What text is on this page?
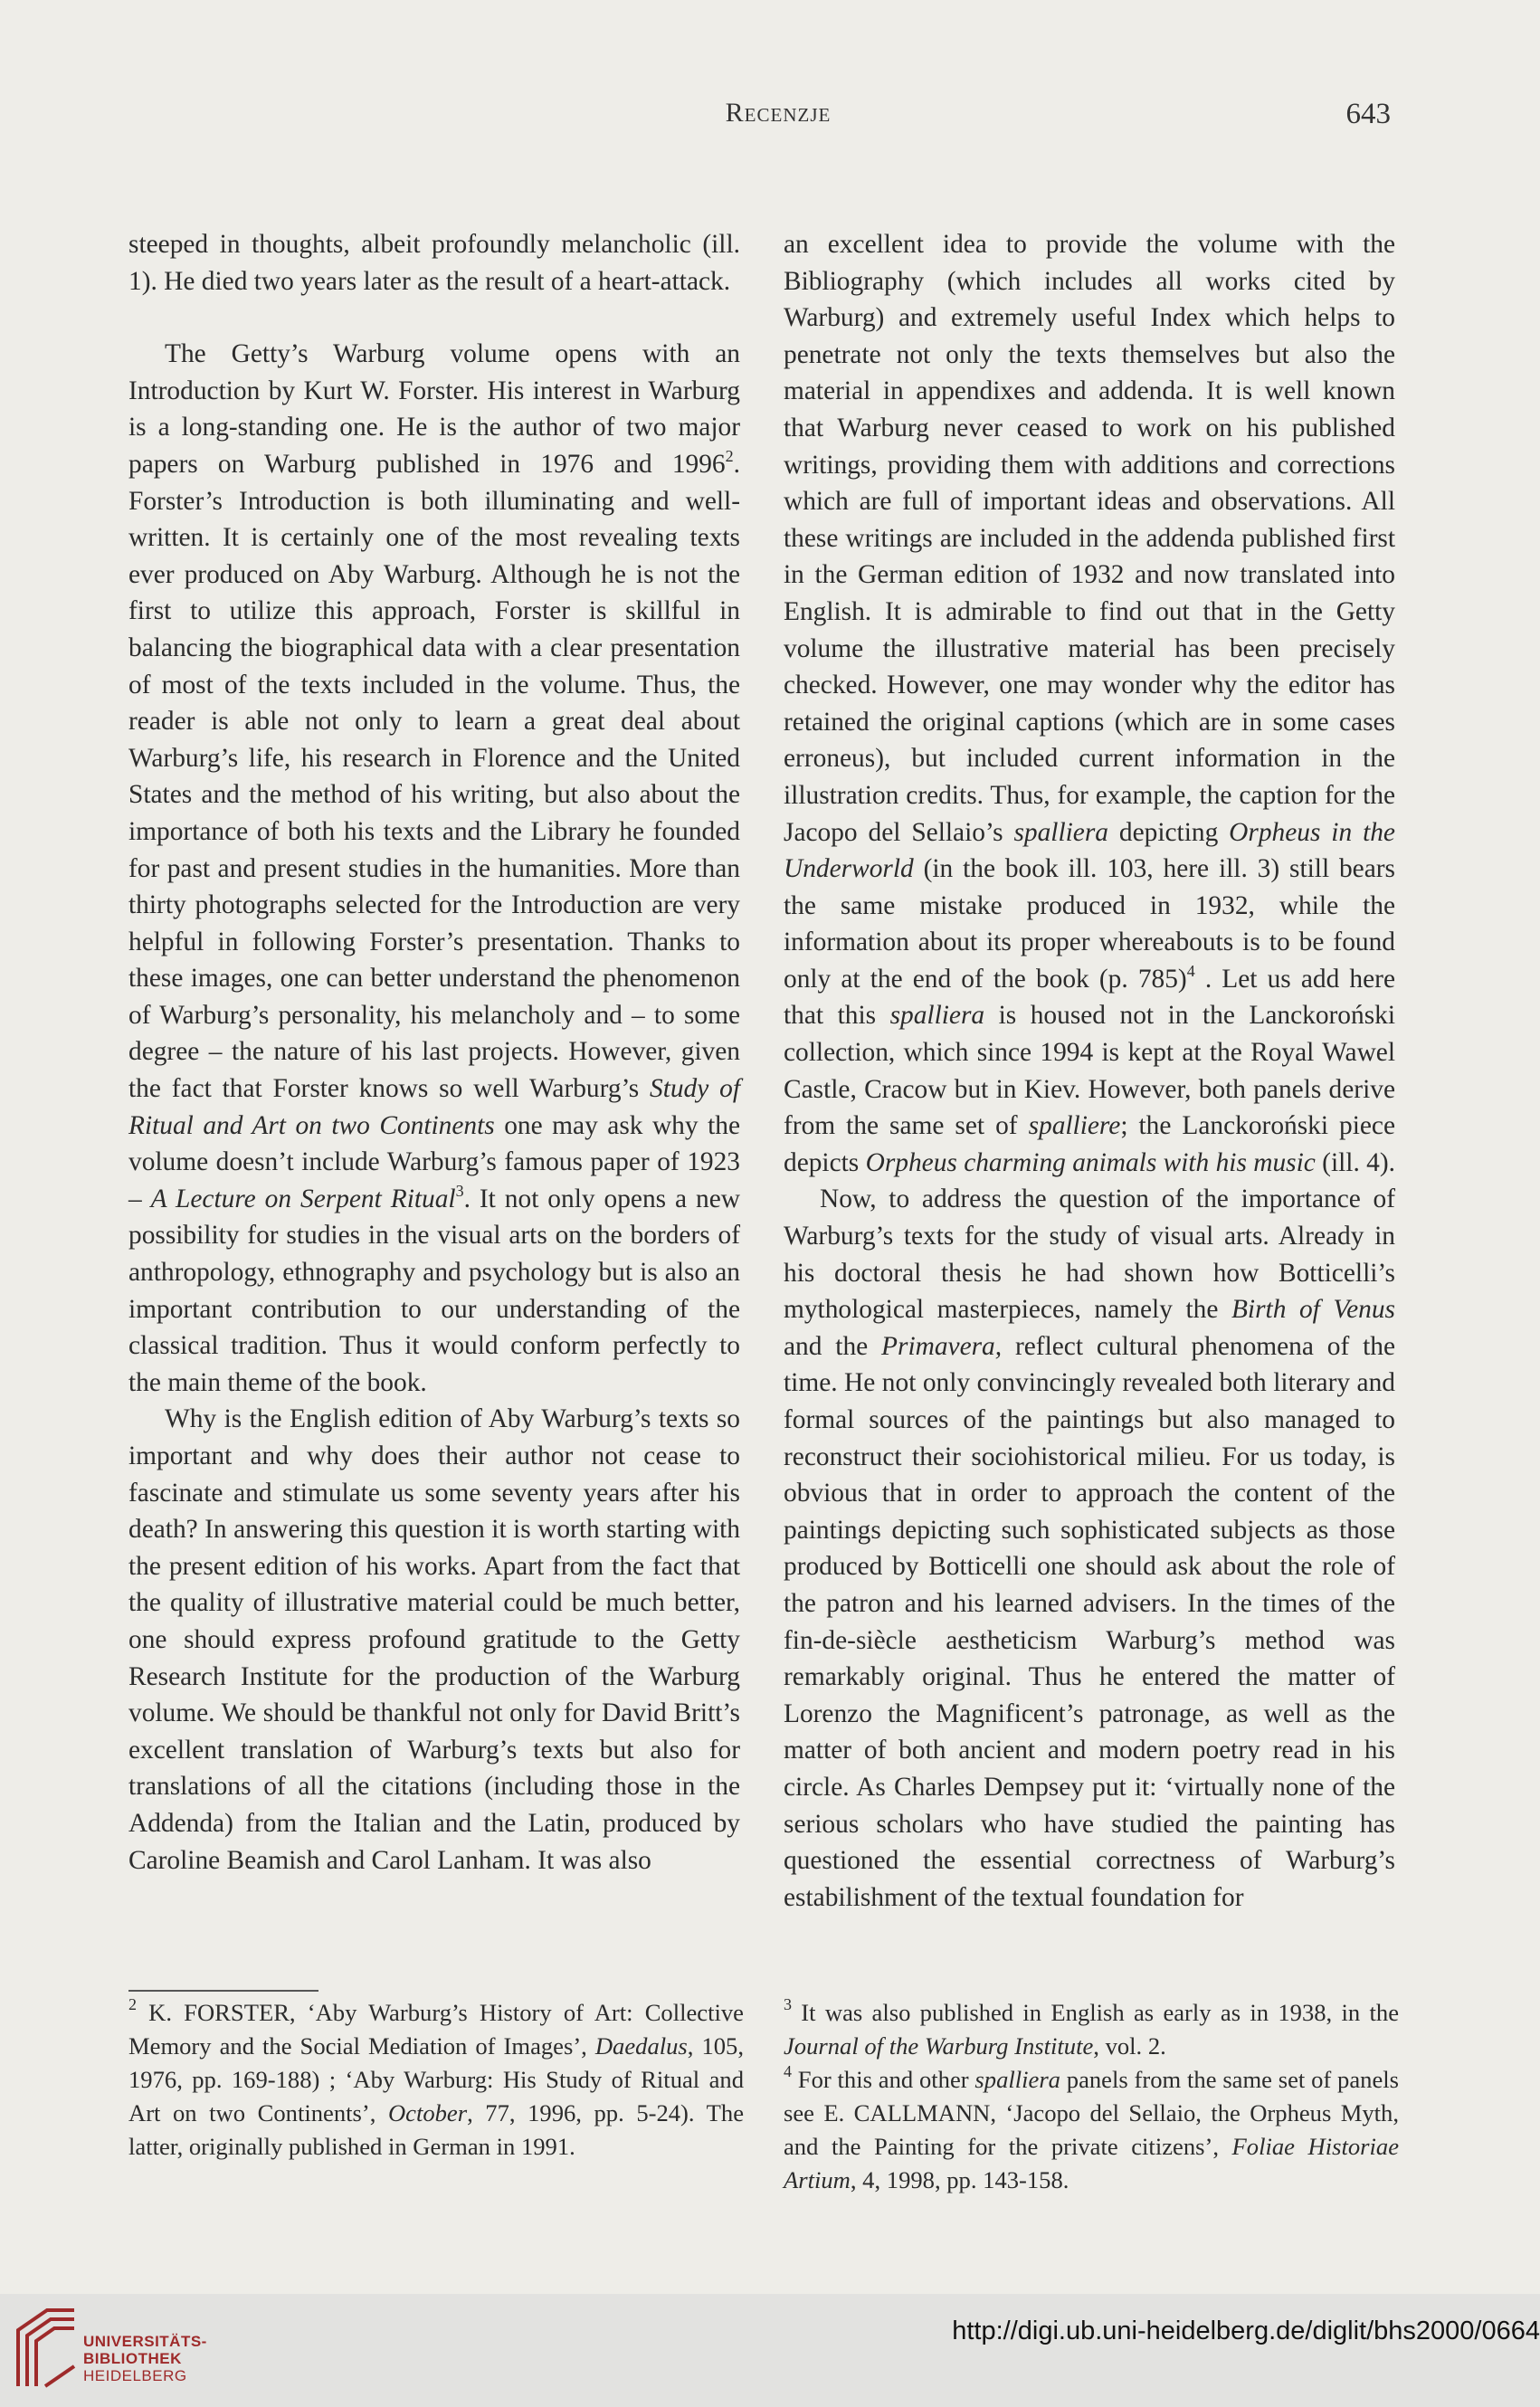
Recenzje	643

steeped in thoughts, albeit profoundly melancholic (ill. 1). He died two years later as the result of a heart-attack.

The Getty’s Warburg volume opens with an Introduction by Kurt W. Forster. His interest in Warburg is a long-standing one. He is the author of two major papers on Warburg published in 1976 and 1996$^2$. Forster’s Introduction is both illuminating and well-written. It is certainly one of the most revealing texts ever produced on Aby Warburg. Although he is not the first to utilize this approach, Forster is skillful in balancing the biographical data with a clear presentation of most of the texts included in the volume. Thus, the reader is able not only to learn a great deal about Warburg’s life, his research in Florence and the United States and the method of his writing, but also about the importance of both his texts and the Library he founded for past and present studies in the humanities. More than thirty photographs selected for the Introduction are very helpful in following Forster’s presentation. Thanks to these images, one can better understand the phenomenon of Warburg’s personality, his melancholy and – to some degree – the nature of his last projects. However, given the fact that Forster knows so well Warburg’s Study of Ritual and Art on two Continents one may ask why the volume doesn’t include Warburg’s famous paper of 1923 – A Lecture on Serpent Ritual$^3$. It not only opens a new possibility for studies in the visual arts on the borders of anthropology, ethnography and psychology but is also an important contribution to our understanding of the classical tradition. Thus it would conform perfectly to the main theme of the book.

Why is the English edition of Aby Warburg’s texts so important and why does their author not cease to fascinate and stimulate us some seventy years after his death? In answering this question it is worth starting with the present edition of his works. Apart from the fact that the quality of illustrative material could be much better, one should express profound gratitude to the Getty Research Institute for the production of the Warburg volume. We should be thankful not only for David Britt’s excellent translation of Warburg’s texts but also for translations of all the citations (including those in the Addenda) from the Italian and the Latin, produced by Caroline Beamish and Carol Lanham. It was also

an excellent idea to provide the volume with the Bibliography (which includes all works cited by Warburg) and extremely useful Index which helps to penetrate not only the texts themselves but also the material in appendixes and addenda. It is well known that Warburg never ceased to work on his published writings, providing them with additions and corrections which are full of important ideas and observations. All these writings are included in the addenda published first in the German edition of 1932 and now translated into English. It is admirable to find out that in the Getty volume the illustrative material has been precisely checked. However, one may wonder why the editor has retained the original captions (which are in some cases erroneus), but included current information in the illustration credits. Thus, for example, the caption for the Jacopo del Sellaio’s spalliera depicting Orpheus in the Underworld (in the book ill. 103, here ill. 3) still bears the same mistake produced in 1932, while the information about its proper whereabouts is to be found only at the end of the book (p. 785)$^4$ . Let us add here that this spalliera is housed not in the Lanckoroński collection, which since 1994 is kept at the Royal Wawel Castle, Cracow but in Kiev. However, both panels derive from the same set of spalliere; the Lanckoroński piece depicts Orpheus charming animals with his music (ill. 4).

Now, to address the question of the importance of Warburg’s texts for the study of visual arts. Already in his doctoral thesis he had shown how Botticelli’s mythological masterpieces, namely the Birth of Venus and the Primavera, reflect cultural phenomena of the time. He not only convincingly revealed both literary and formal sources of the paintings but also managed to reconstruct their sociohistorical milieu. For us today, is obvious that in order to approach the content of the paintings depicting such sophisticated subjects as those produced by Botticelli one should ask about the role of the patron and his learned advisers. In the times of the fin-de-siècle aestheticism Warburg’s method was remarkably original. Thus he entered the matter of Lorenzo the Magnificent’s patronage, as well as the matter of both ancient and modern poetry read in his circle. As Charles Dempsey put it: ‘virtually none of the serious scholars who have studied the painting has questioned the essential correctness of Warburg’s estabilishment of the textual foundation for

$^2$ K. FORSTER, ‘Aby Warburg’s History of Art: Collective Memory and the Social Mediation of Images’, Daedalus, 105, 1976, pp. 169-188) ; ‘Aby Warburg: His Study of Ritual and Art on two Continents’, October, 77, 1996, pp. 5-24). The latter, originally published in German in 1991.

$^3$ It was also published in English as early as in 1938, in the Journal of the Warburg Institute, vol. 2.

$^4$ For this and other spalliera panels from the same set of panels see E. CALLMANN, ‘Jacopo del Sellaio, the Orpheus Myth, and the Painting for the private citizens’, Foliae Historiae Artium, 4, 1998, pp. 143-158.

UNIVERSITÄTS-
BIBLIOTHEK
HEIDELBERG
http://digi.ub.uni-heidelberg.de/diglit/bhs2000/0664
